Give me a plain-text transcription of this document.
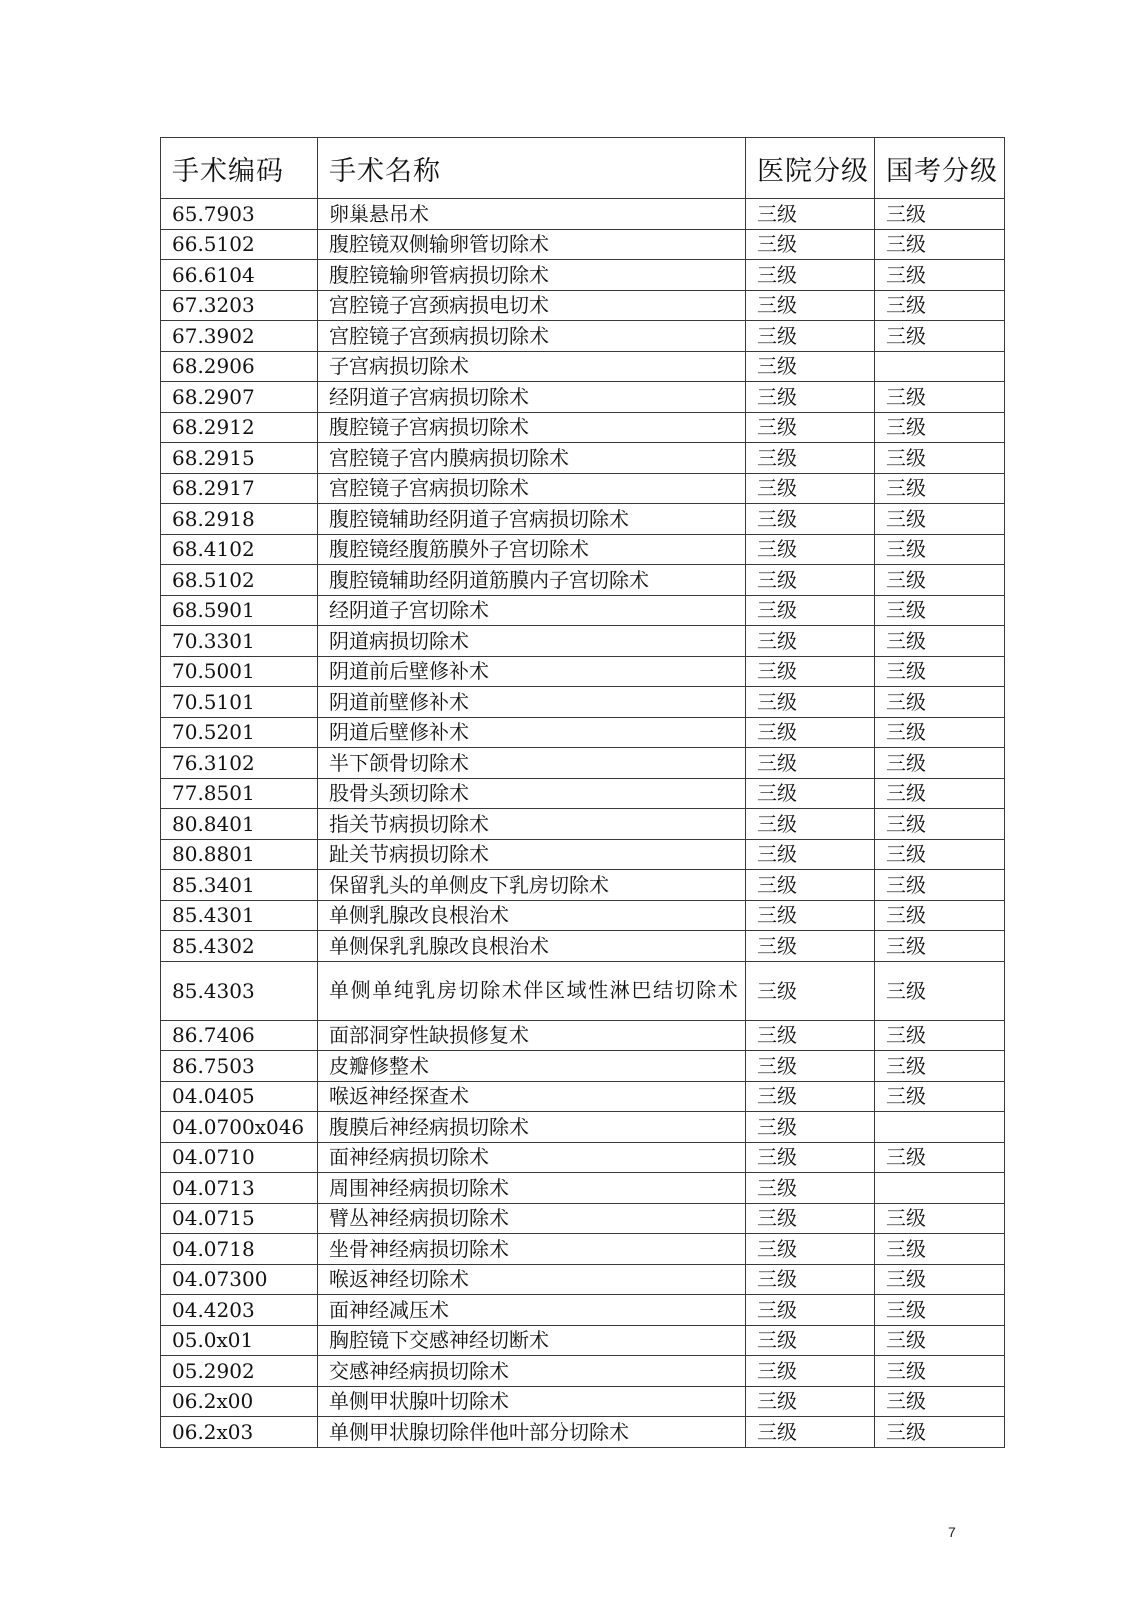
手术编码	手术名称	医院分级	国考分级
65.7903	卵巢悬吊术	三级	三级
66.5102	腹腔镜双侧输卵管切除术	三级	三级
66.6104	腹腔镜输卵管病损切除术	三级	三级
67.3203	宫腔镜子宫颈病损电切术	三级	三级
67.3902	宫腔镜子宫颈病损切除术	三级	三级
68.2906	子宫病损切除术	三级	
68.2907	经阴道子宫病损切除术	三级	三级
68.2912	腹腔镜子宫病损切除术	三级	三级
68.2915	宫腔镜子宫内膜病损切除术	三级	三级
68.2917	宫腔镜子宫病损切除术	三级	三级
68.2918	腹腔镜辅助经阴道子宫病损切除术	三级	三级
68.4102	腹腔镜经腹筋膜外子宫切除术	三级	三级
68.5102	腹腔镜辅助经阴道筋膜内子宫切除术	三级	三级
68.5901	经阴道子宫切除术	三级	三级
70.3301	阴道病损切除术	三级	三级
70.5001	阴道前后壁修补术	三级	三级
70.5101	阴道前壁修补术	三级	三级
70.5201	阴道后壁修补术	三级	三级
76.3102	半下颌骨切除术	三级	三级
77.8501	股骨头颈切除术	三级	三级
80.8401	指关节病损切除术	三级	三级
80.8801	趾关节病损切除术	三级	三级
85.3401	保留乳头的单侧皮下乳房切除术	三级	三级
85.4301	单侧乳腺改良根治术	三级	三级
85.4302	单侧保乳乳腺改良根治术	三级	三级
85.4303	单侧单纯乳房切除术伴区域性淋巴结切除术	三级	三级
86.7406	面部洞穿性缺损修复术	三级	三级
86.7503	皮瓣修整术	三级	三级
04.0405	喉返神经探查术	三级	三级
04.0700x046	腹膜后神经病损切除术	三级	
04.0710	面神经病损切除术	三级	三级
04.0713	周围神经病损切除术	三级	
04.0715	臂丛神经病损切除术	三级	三级
04.0718	坐骨神经病损切除术	三级	三级
04.07300	喉返神经切除术	三级	三级
04.4203	面神经减压术	三级	三级
05.0x01	胸腔镜下交感神经切断术	三级	三级
05.2902	交感神经病损切除术	三级	三级
06.2x00	单侧甲状腺叶切除术	三级	三级
06.2x03	单侧甲状腺切除伴他叶部分切除术	三级	三级
7
